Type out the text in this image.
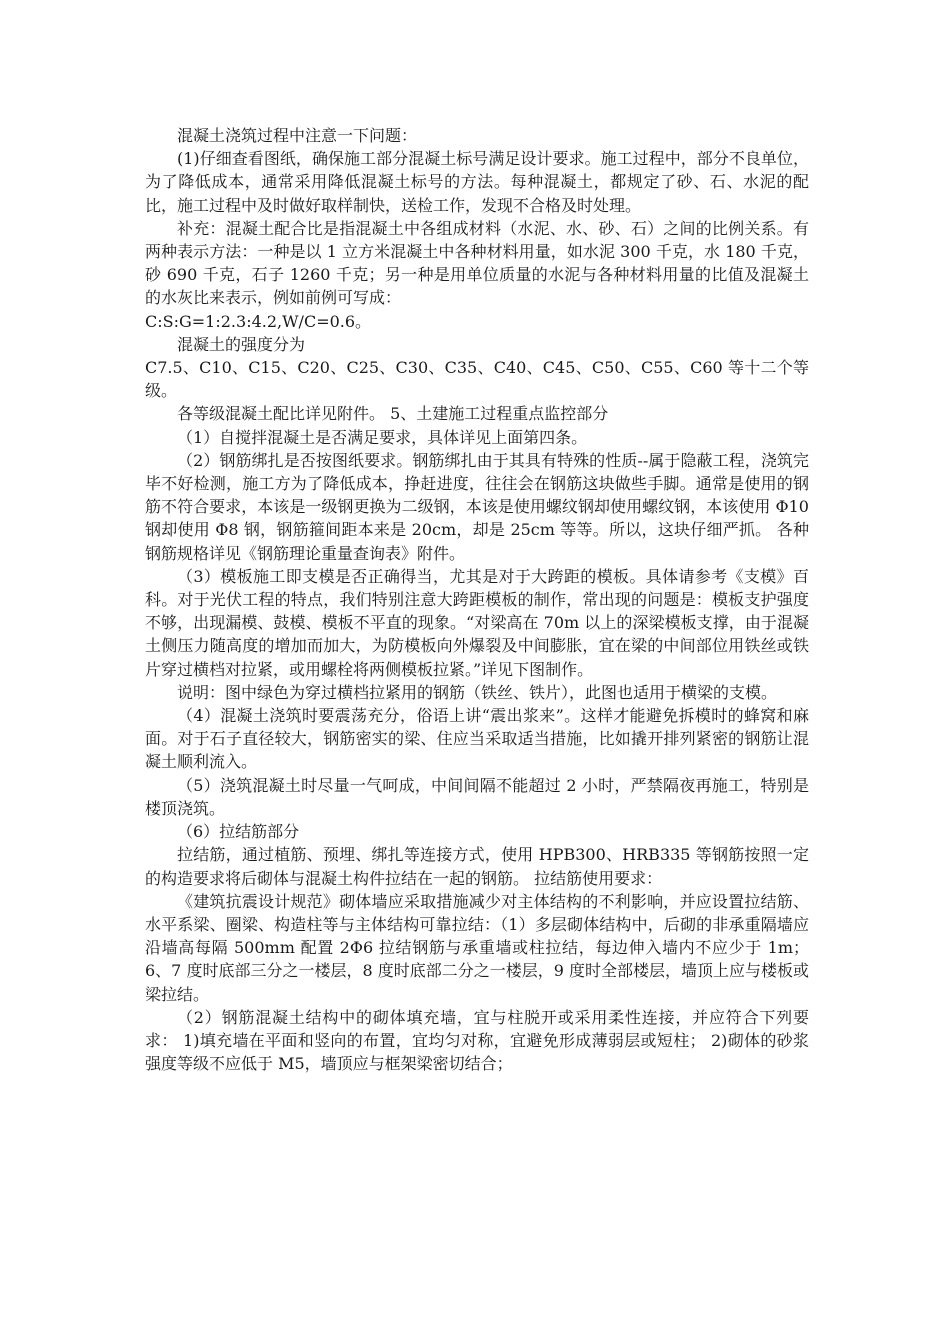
混凝土浇筑过程中注意一下问题：

(1)仔细查看图纸，确保施工部分混凝土标号满足设计要求。施工过程中，部分不良单位，为了降低成本，通常采用降低混凝土标号的方法。每种混凝土，都规定了砂、石、水泥的配比，施工过程中及时做好取样制快，送检工作，发现不合格及时处理。

补充：混凝土配合比是指混凝土中各组成材料（水泥、水、砂、石）之间的比例关系。有两种表示方法：一种是以 1 立方米混凝土中各种材料用量，如水泥 300 千克，水 180 千克，砂 690 千克，石子 1260 千克；另一种是用单位质量的水泥与各种材料用量的比值及混凝土的水灰比来表示，例如前例可写成：

C:S:G=1:2.3:4.2,W/C=0.6。

混凝土的强度分为

C7.5、C10、C15、C20、C25、C30、C35、C40、C45、C50、C55、C60 等十二个等级。

各等级混凝土配比详见附件。 5、土建施工过程重点监控部分

（1）自搅拌混凝土是否满足要求，具体详见上面第四条。

（2）钢筋绑扎是否按图纸要求。钢筋绑扎由于其具有特殊的性质--属于隐蔽工程，浇筑完毕不好检测，施工方为了降低成本，挣赶进度，往往会在钢筋这块做些手脚。通常是使用的钢筋不符合要求，本该是一级钢更换为二级钢，本该是使用螺纹钢却使用螺纹钢，本该使用 Φ10 钢却使用 Φ8 钢，钢筋箍间距本来是 20cm，却是 25cm 等等。所以，这块仔细严抓。 各种钢筋规格详见《钢筋理论重量查询表》附件。

（3）模板施工即支模是否正确得当，尤其是对于大跨距的模板。具体请参考《支模》百科。对于光伏工程的特点，我们特别注意大跨距模板的制作，常出现的问题是：模板支护强度不够，出现漏模、鼓模、模板不平直的现象。“对梁高在 70m 以上的深梁模板支撑，由于混凝土侧压力随高度的增加而加大，为防模板向外爆裂及中间膨胀，宜在梁的中间部位用铁丝或铁片穿过横档对拉紧，或用螺栓将两侧模板拉紧。”详见下图制作。

说明：图中绿色为穿过横档拉紧用的钢筋（铁丝、铁片），此图也适用于横梁的支模。

（4）混凝土浇筑时要震荡充分，俗语上讲“震出浆来”。这样才能避免拆模时的蜂窝和麻面。对于石子直径较大，钢筋密实的梁、住应当采取适当措施，比如撬开排列紧密的钢筋让混凝土顺利流入。

（5）浇筑混凝土时尽量一气呵成，中间间隔不能超过 2 小时，严禁隔夜再施工，特别是楼顶浇筑。

（6）拉结筋部分

拉结筋，通过植筋、预埋、绑扎等连接方式，使用 HPB300、HRB335 等钢筋按照一定的构造要求将后砌体与混凝土构件拉结在一起的钢筋。 拉结筋使用要求：

《建筑抗震设计规范》砌体墙应采取措施减少对主体结构的不利影响，并应设置拉结筋、水平系梁、圈梁、构造柱等与主体结构可靠拉结：（1）多层砌体结构中，后砌的非承重隔墙应沿墙高每隔 500mm 配置 2Φ6 拉结钢筋与承重墙或柱拉结，每边伸入墙内不应少于 1m；6、7 度时底部三分之一楼层，8 度时底部二分之一楼层，9 度时全部楼层，墙顶上应与楼板或梁拉结。

（2）钢筋混凝土结构中的砌体填充墙，宜与柱脱开或采用柔性连接，并应符合下列要求： 1)填充墙在平面和竖向的布置，宜均匀对称，宜避免形成薄弱层或短柱； 2)砌体的砂浆强度等级不应低于 M5，墙顶应与框架梁密切结合；
